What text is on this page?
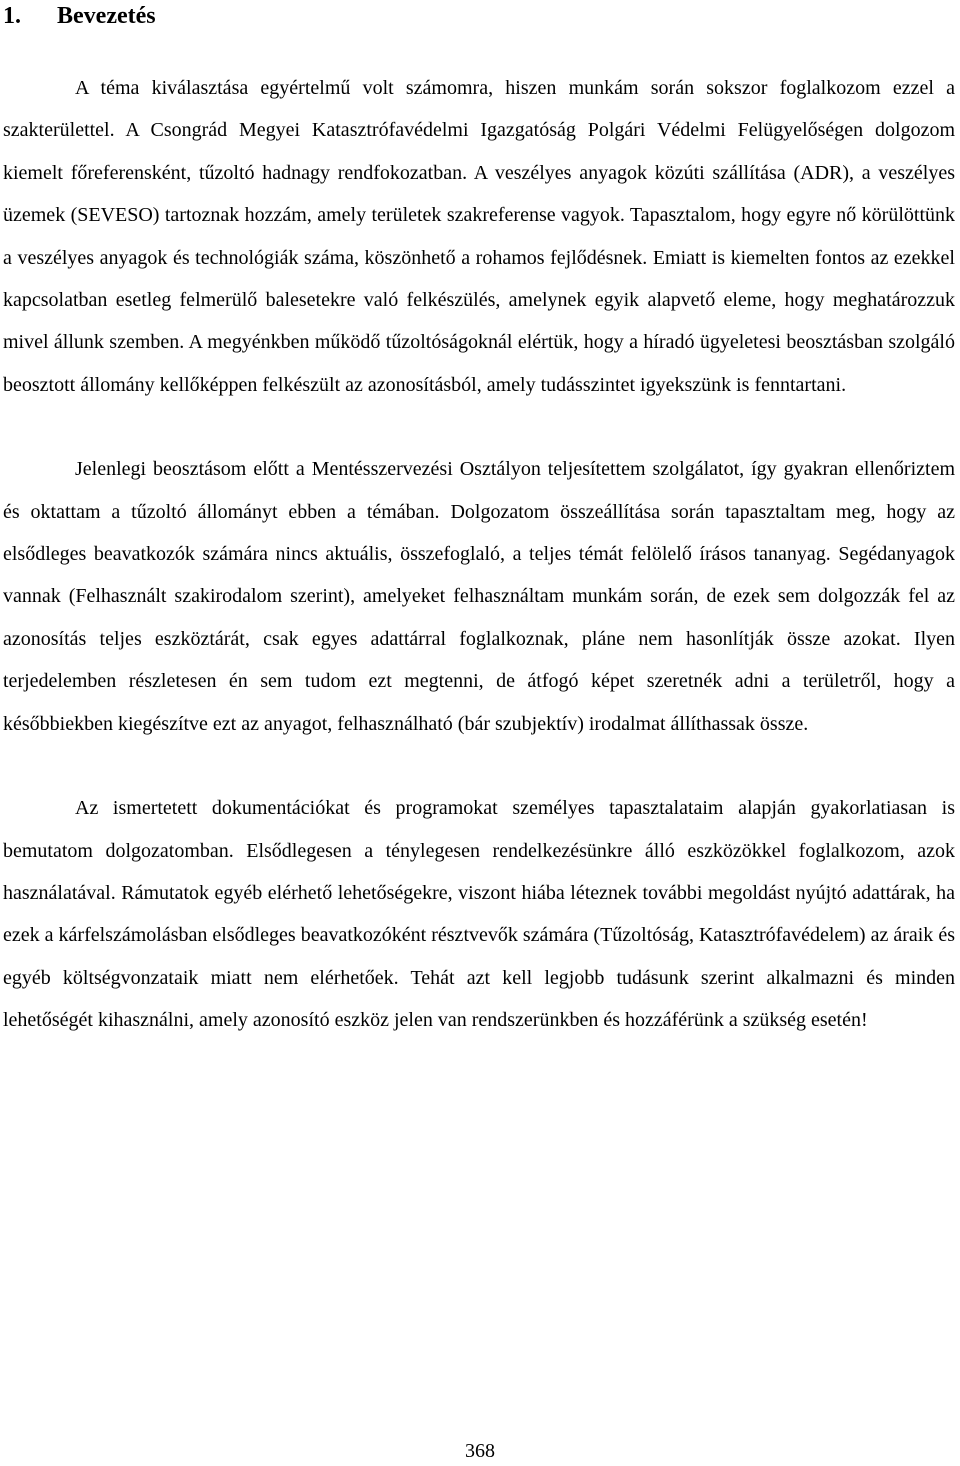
1. Bevezetés

A téma kiválasztása egyértelmű volt számomra, hiszen munkám során sokszor foglalkozom ezzel a szakterülettel. A Csongrád Megyei Katasztrófavédelmi Igazgatóság Polgári Védelmi Felügyelőségen dolgozom kiemelt főreferensként, tűzoltó hadnagy rendfokozatban. A veszélyes anyagok közúti szállítása (ADR), a veszélyes üzemek (SEVESO) tartoznak hozzám, amely területek szakreferense vagyok. Tapasztalom, hogy egyre nő körülöttünk a veszélyes anyagok és technológiák száma, köszönhető a rohamos fejlődésnek. Emiatt is kiemelten fontos az ezekkel kapcsolatban esetleg felmerülő balesetekre való felkészülés, amelynek egyik alapvető eleme, hogy meghatározzuk mivel állunk szemben. A megyénkben működő tűzoltóságoknál elértük, hogy a híradó ügyeletesi beosztásban szolgáló beosztott állomány kellőképpen felkészült az azonosításból, amely tudásszintet igyekszünk is fenntartani.

Jelenlegi beosztásom előtt a Mentésszervezési Osztályon teljesítettem szolgálatot, így gyakran ellenőriztem és oktattam a tűzoltó állományt ebben a témában. Dolgozatom összeállítása során tapasztaltam meg, hogy az elsődleges beavatkozók számára nincs aktuális, összefoglaló, a teljes témát felölelő írásos tananyag. Segédanyagok vannak (Felhasznált szakirodalom szerint), amelyeket felhasználtam munkám során, de ezek sem dolgozzák fel az azonosítás teljes eszköztárát, csak egyes adattárral foglalkoznak, pláne nem hasonlítják össze azokat. Ilyen terjedelemben részletesen én sem tudom ezt megtenni, de átfogó képet szeretnék adni a területről, hogy a későbbiekben kiegészítve ezt az anyagot, felhasználható (bár szubjektív) irodalmat állíthassak össze.

Az ismertetett dokumentációkat és programokat személyes tapasztalataim alapján gyakorlatiasan is bemutatom dolgozatomban. Elsődlegesen a ténylegesen rendelkezésünkre álló eszközökkel foglalkozom, azok használatával. Rámutatok egyéb elérhető lehetőségekre, viszont hiába léteznek további megoldást nyújtó adattárak, ha ezek a kárfelszámolásban elsődleges beavatkozóként résztvevők számára (Tűzoltóság, Katasztrófavédelem) az áraik és egyéb költségvonzataik miatt nem elérhetőek. Tehát azt kell legjobb tudásunk szerint alkalmazni és minden lehetőségét kihasználni, amely azonosító eszköz jelen van rendszerünkben és hozzáférünk a szükség esetén!

368
